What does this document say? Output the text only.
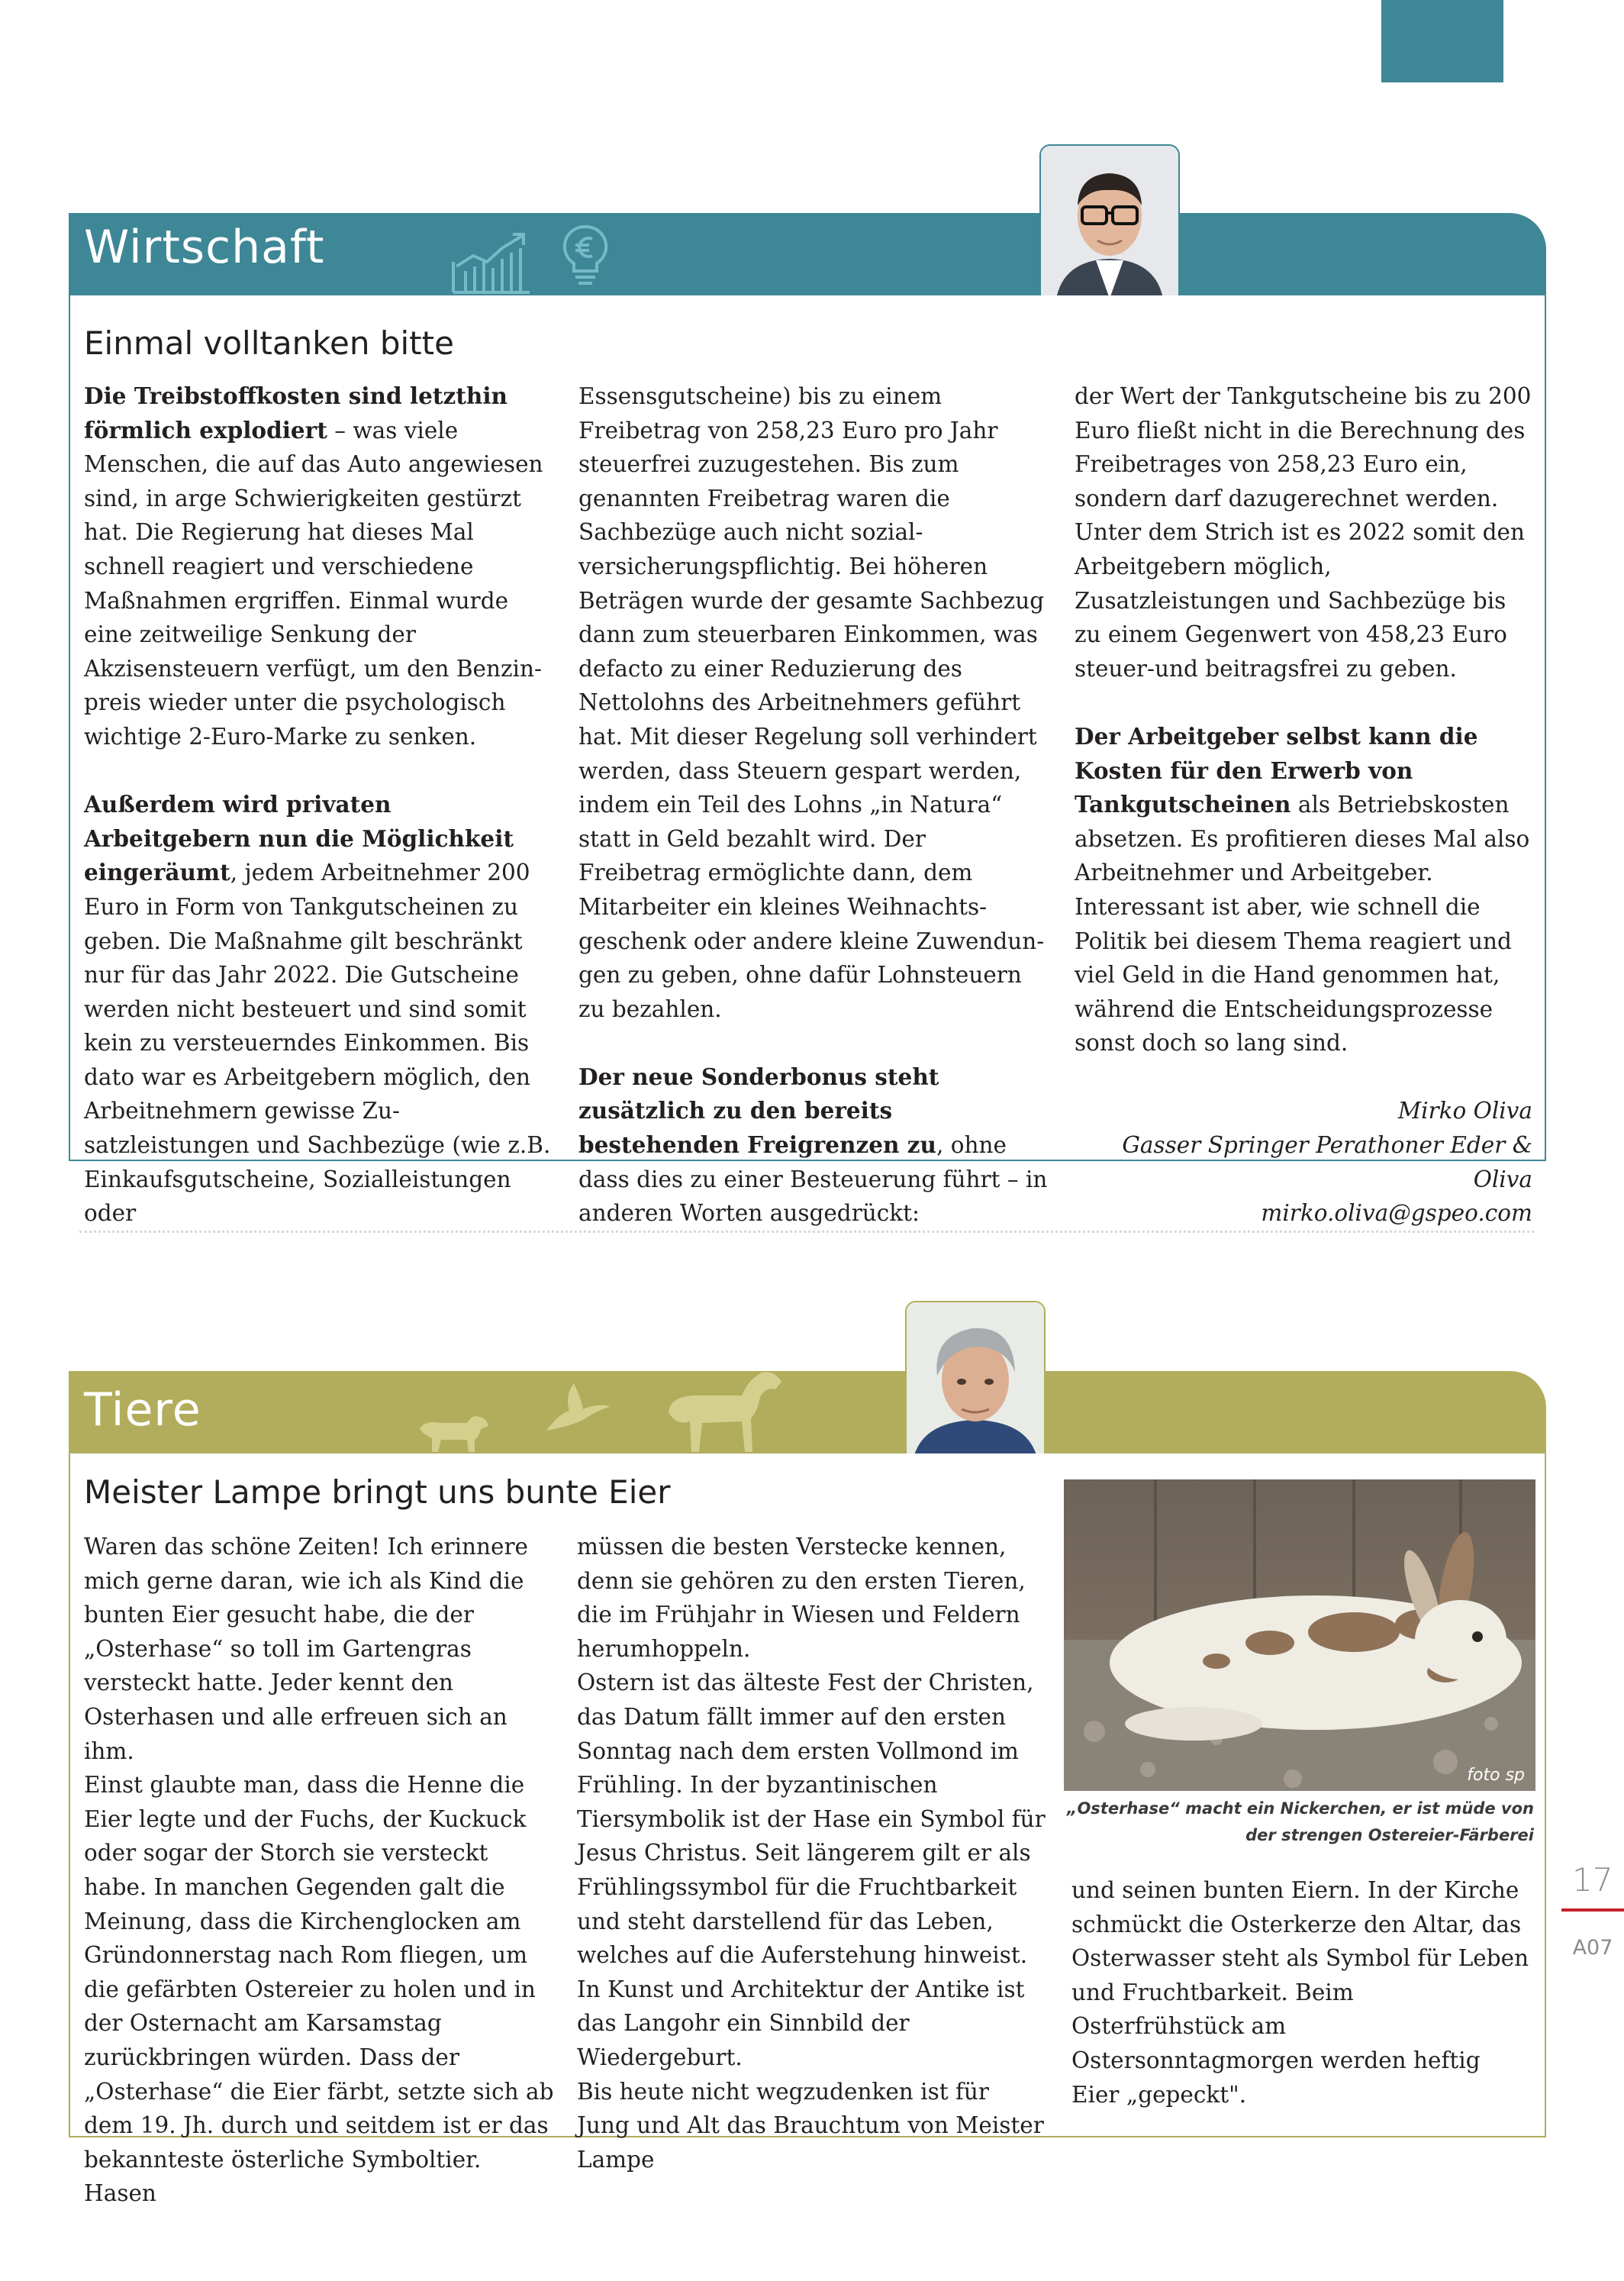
Wirtschaft
Einmal volltanken bitte

Die Treibstoffkosten sind letzthin förmlich explodiert – was viele Menschen, die auf das Auto angewiesen sind, in arge Schwierigkeiten gestürzt hat. Die Regierung hat dieses Mal schnell reagiert und verschiedene Maßnahmen ergriffen. Einmal wurde eine zeitweilige Senkung der Akzisensteuern verfügt, um den Benzinpreis wieder unter die psychologisch wichtige 2-Euro-Marke zu senken.

Außerdem wird privaten Arbeitgebern nun die Möglichkeit eingeräumt, jedem Arbeitnehmer 200 Euro in Form von Tankgutscheinen zu geben. Die Maßnahme gilt beschränkt nur für das Jahr 2022. Die Gutscheine werden nicht besteuert und sind somit kein zu versteuerndes Einkommen. Bis dato war es Arbeitgebern möglich, den Arbeitnehmern gewisse Zusatzleistungen und Sachbezüge (wie z.B. Einkaufsgutscheine, Sozialleistungen oder

Essensgutscheine) bis zu einem Freibetrag von 258,23 Euro pro Jahr steuerfrei zuzugestehen. Bis zum genannten Freibetrag waren die Sachbezüge auch nicht sozialversicherungspflichtig. Bei höheren Beträgen wurde der gesamte Sachbezug dann zum steuerbaren Einkommen, was defacto zu einer Reduzierung des Nettolohns des Arbeitnehmers geführt hat. Mit dieser Regelung soll verhindert werden, dass Steuern gespart werden, indem ein Teil des Lohns „in Natura“ statt in Geld bezahlt wird. Der Freibetrag ermöglichte dann, dem Mitarbeiter ein kleines Weihnachtsgeschenk oder andere kleine Zuwendungen zu geben, ohne dafür Lohnsteuern zu bezahlen.

Der neue Sonderbonus steht zusätzlich zu den bereits bestehenden Freigrenzen zu, ohne dass dies zu einer Besteuerung führt – in anderen Worten ausgedrückt:

der Wert der Tankgutscheine bis zu 200 Euro fließt nicht in die Berechnung des Freibetrages von 258,23 Euro ein, sondern darf dazugerechnet werden. Unter dem Strich ist es 2022 somit den Arbeitgebern möglich, Zusatzleistungen und Sachbezüge bis zu einem Gegenwert von 458,23 Euro steuer-und beitragsfrei zu geben.

Der Arbeitgeber selbst kann die Kosten für den Erwerb von Tankgutscheinen als Betriebskosten absetzen. Es profitieren dieses Mal also Arbeitnehmer und Arbeitgeber. Interessant ist aber, wie schnell die Politik bei diesem Thema reagiert und viel Geld in die Hand genommen hat, während die Entscheidungsprozesse sonst doch so lang sind.

Mirko Oliva

Gasser Springer Perathoner Eder & Oliva

mirko.oliva@gspeo.com

Tiere
Meister Lampe bringt uns bunte Eier

Waren das schöne Zeiten! Ich erinnere mich gerne daran, wie ich als Kind die bunten Eier gesucht habe, die der „Osterhase“ so toll im Gartengras versteckt hatte. Jeder kennt den Osterhasen und alle erfreuen sich an ihm.
Einst glaubte man, dass die Henne die Eier legte und der Fuchs, der Kuckuck oder sogar der Storch sie versteckt habe. In manchen Gegenden galt die Meinung, dass die Kirchenglocken am Gründonnerstag nach Rom fliegen, um die gefärbten Ostereier zu holen und in der Osternacht am Karsamstag zurückbringen würden. Dass der „Osterhase“ die Eier färbt, setzte sich ab dem 19. Jh. durch und seitdem ist er das bekannteste österliche Symboltier. Hasen

müssen die besten Verstecke kennen, denn sie gehören zu den ersten Tieren, die im Frühjahr in Wiesen und Feldern herumhoppeln.
Ostern ist das älteste Fest der Christen, das Datum fällt immer auf den ersten Sonntag nach dem ersten Vollmond im Frühling. In der byzantinischen Tiersymbolik ist der Hase ein Symbol für Jesus Christus. Seit längerem gilt er als Frühlingssymbol für die Fruchtbarkeit und steht darstellend für das Leben, welches auf die Auferstehung hinweist. In Kunst und Architektur der Antike ist das Langohr ein Sinnbild der Wiedergeburt.
Bis heute nicht wegzudenken ist für Jung und Alt das Brauchtum von Meister Lampe

und seinen bunten Eiern. In der Kirche schmückt die Osterkerze den Altar, das Osterwasser steht als Symbol für Leben und Fruchtbarkeit. Beim Osterfrühstück am Ostersonntagmorgen werden heftig Eier „gepeckt".

foto sp
„Osterhase“ macht ein Nickerchen, er ist müde von der strengen Ostereier-Färberei
17
A07
